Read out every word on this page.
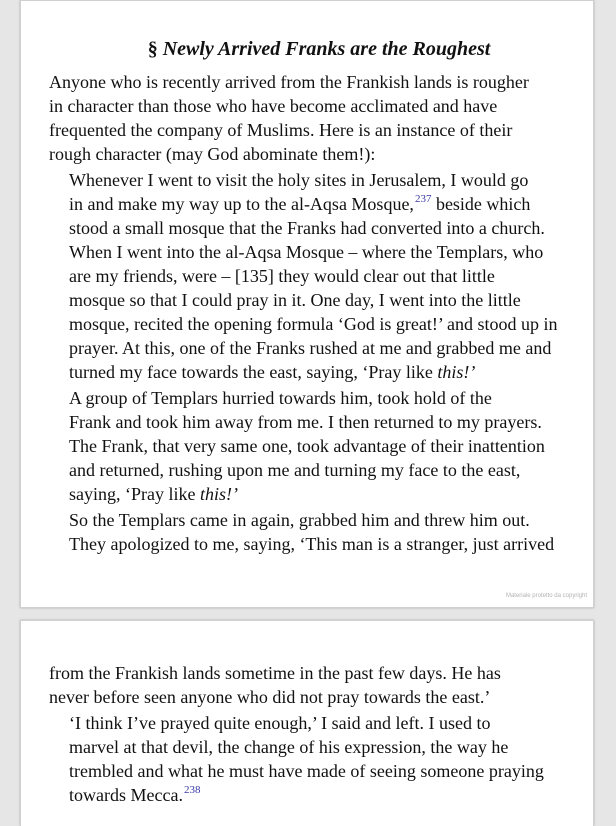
§ Newly Arrived Franks are the Roughest

Anyone who is recently arrived from the Frankish lands is rougher
in character than those who have become acclimated and have
frequented the company of Muslims. Here is an instance of their
rough character (may God abominate them!):

Whenever I went to visit the holy sites in Jerusalem, I would go
in and make my way up to the al-Aqsa Mosque,$^{237}$ beside which
stood a small mosque that the Franks had converted into a church.
When I went into the al-Aqsa Mosque – where the Templars, who
are my friends, were – [135] they would clear out that little
mosque so that I could pray in it. One day, I went into the little
mosque, recited the opening formula ‘God is great!’ and stood up in
prayer. At this, one of the Franks rushed at me and grabbed me and
turned my face towards the east, saying, ‘Pray like this!’

A group of Templars hurried towards him, took hold of the
Frank and took him away from me. I then returned to my prayers.
The Frank, that very same one, took advantage of their inattention
and returned, rushing upon me and turning my face to the east,
saying, ‘Pray like this!’

So the Templars came in again, grabbed him and threw him out.
They apologized to me, saying, ‘This man is a stranger, just arrived

Materiale protetto da copyright

from the Frankish lands sometime in the past few days. He has
never before seen anyone who did not pray towards the east.’

‘I think I’ve prayed quite enough,’ I said and left. I used to
marvel at that devil, the change of his expression, the way he
trembled and what he must have made of seeing someone praying
towards Mecca.$^{238}$
